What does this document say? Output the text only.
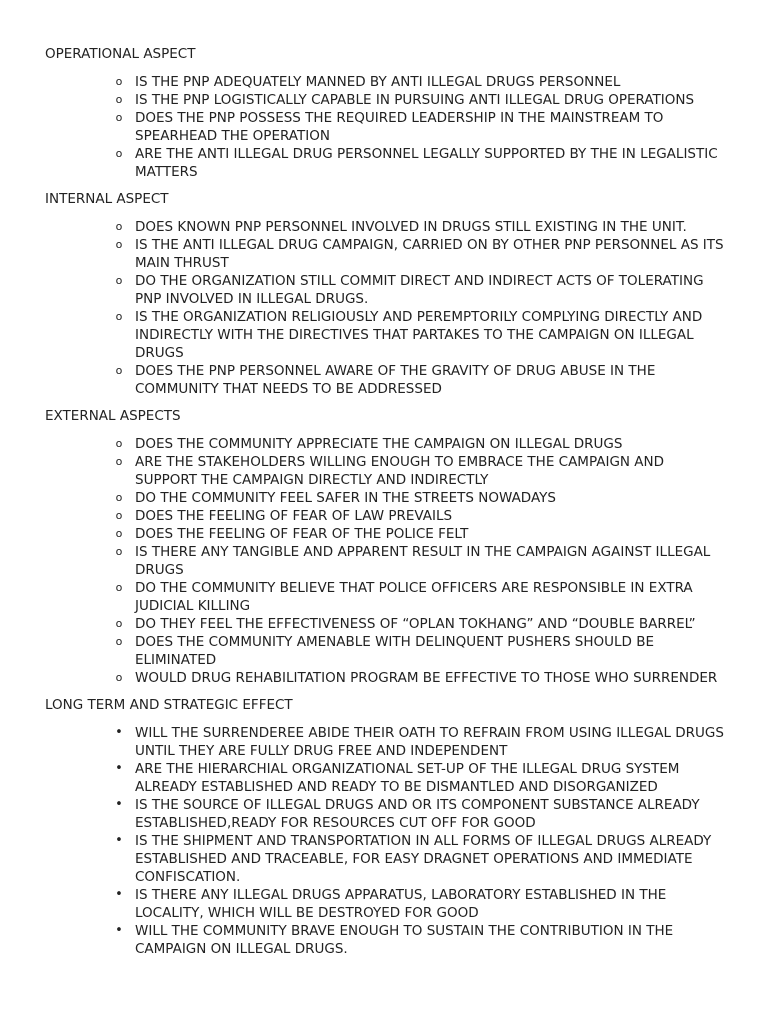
OPERATIONAL ASPECT
o IS THE PNP ADEQUATELY MANNED BY ANTI ILLEGAL DRUGS PERSONNEL
o IS THE PNP LOGISTICALLY CAPABLE IN PURSUING ANTI ILLEGAL DRUG OPERATIONS
o DOES THE PNP POSSESS THE REQUIRED LEADERSHIP IN THE MAINSTREAM TO SPEARHEAD THE OPERATION
o ARE THE ANTI ILLEGAL DRUG PERSONNEL LEGALLY SUPPORTED BY THE IN LEGALISTIC MATTERS
INTERNAL ASPECT
o DOES KNOWN PNP PERSONNEL INVOLVED IN DRUGS STILL EXISTING IN THE UNIT.
o IS THE ANTI ILLEGAL DRUG CAMPAIGN, CARRIED ON BY OTHER PNP PERSONNEL AS ITS MAIN THRUST
o DO THE ORGANIZATION STILL COMMIT DIRECT AND INDIRECT ACTS OF TOLERATING PNP INVOLVED IN ILLEGAL DRUGS.
o IS THE ORGANIZATION RELIGIOUSLY AND PEREMPTORILY COMPLYING DIRECTLY AND INDIRECTLY WITH THE DIRECTIVES THAT PARTAKES TO THE CAMPAIGN ON ILLEGAL DRUGS
o DOES THE PNP PERSONNEL AWARE OF THE GRAVITY OF DRUG ABUSE IN THE COMMUNITY THAT NEEDS TO BE ADDRESSED
EXTERNAL ASPECTS
o DOES THE COMMUNITY APPRECIATE THE CAMPAIGN ON ILLEGAL DRUGS
o ARE THE STAKEHOLDERS WILLING ENOUGH TO EMBRACE THE CAMPAIGN AND SUPPORT THE CAMPAIGN DIRECTLY AND INDIRECTLY
o DO THE COMMUNITY FEEL SAFER IN THE STREETS NOWADAYS
o DOES THE FEELING OF FEAR OF LAW PREVAILS
o DOES THE FEELING OF FEAR OF THE POLICE FELT
o IS THERE ANY TANGIBLE AND APPARENT RESULT IN THE CAMPAIGN AGAINST ILLEGAL DRUGS
o DO THE COMMUNITY BELIEVE THAT POLICE OFFICERS ARE RESPONSIBLE IN EXTRA JUDICIAL KILLING
o DO THEY FEEL THE EFFECTIVENESS OF “OPLAN TOKHANG” AND “DOUBLE BARREL”
o DOES THE COMMUNITY AMENABLE WITH DELINQUENT PUSHERS SHOULD BE ELIMINATED
o WOULD DRUG REHABILITATION PROGRAM BE EFFECTIVE TO THOSE WHO SURRENDER
LONG TERM AND STRATEGIC EFFECT
• WILL THE SURRENDEREE ABIDE THEIR OATH TO REFRAIN FROM USING ILLEGAL DRUGS UNTIL THEY ARE FULLY DRUG FREE AND INDEPENDENT
• ARE THE HIERARCHIAL ORGANIZATIONAL SET-UP OF THE ILLEGAL DRUG SYSTEM ALREADY ESTABLISHED AND READY TO BE DISMANTLED AND DISORGANIZED
• IS THE SOURCE OF ILLEGAL DRUGS AND OR ITS COMPONENT SUBSTANCE ALREADY ESTABLISHED,READY FOR RESOURCES CUT OFF FOR GOOD
• IS THE SHIPMENT AND TRANSPORTATION IN ALL FORMS OF ILLEGAL DRUGS ALREADY ESTABLISHED AND TRACEABLE, FOR EASY DRAGNET OPERATIONS AND IMMEDIATE CONFISCATION.
• IS THERE ANY ILLEGAL DRUGS APPARATUS, LABORATORY ESTABLISHED IN THE LOCALITY, WHICH WILL BE DESTROYED FOR GOOD
• WILL THE COMMUNITY BRAVE ENOUGH TO SUSTAIN THE CONTRIBUTION IN THE CAMPAIGN ON ILLEGAL DRUGS.
